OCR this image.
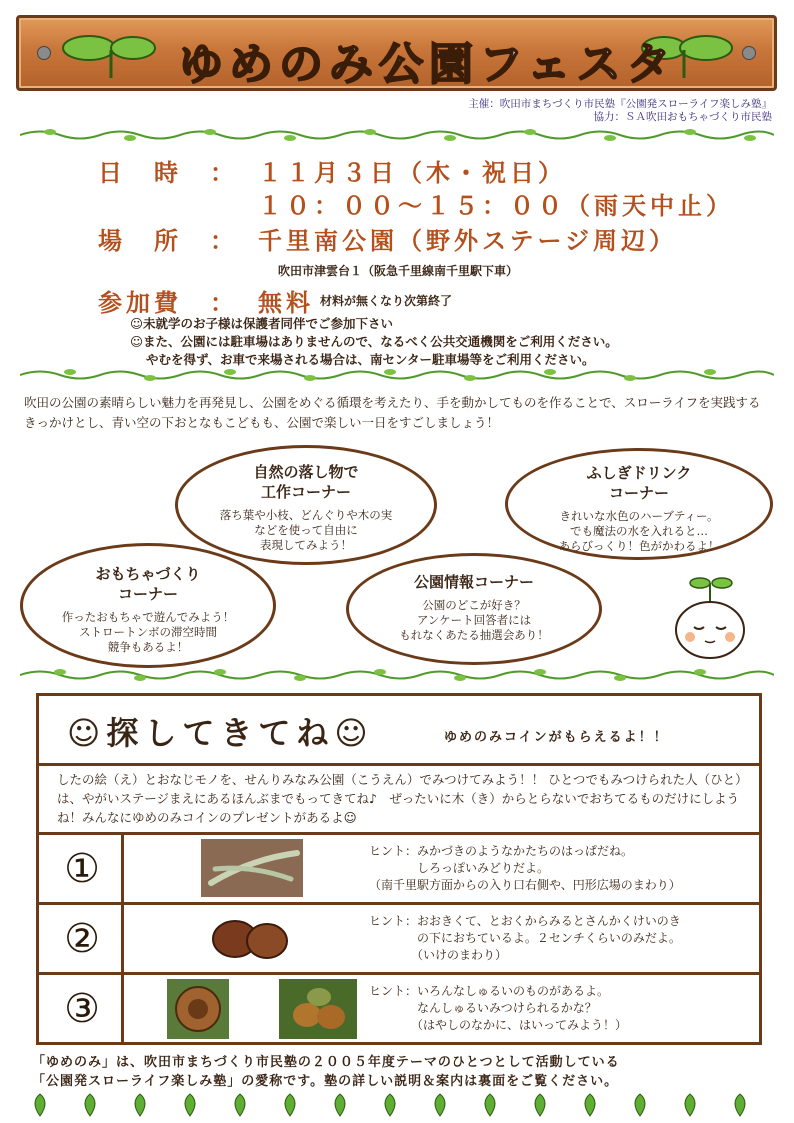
ゆめのみ公園フェスタ
主催：吹田市まちづくり市民塾『公園発スローライフ楽しみ塾』
協力：ＳＡ吹田おもちゃづくり市民塾
日　時　： １１月３日（木・祝日）
１０：００～１５：００（雨天中止）
場　所　： 千里南公園（野外ステージ周辺）
吹田市津雲台１（阪急千里線南千里駅下車）
参加費　： 無料 材料が無くなり次第終了
☺未就学のお子様は保護者同伴でご参加下さい
☺また、公園には駐車場はありませんので、なるべく公共交通機関をご利用ください。
やむを得ず、お車で来場される場合は、南センター駐車場等をご利用ください。
吹田の公園の素晴らしい魅力を再発見し、公園をめぐる循環を考えたり、手を動かしてものを作ることで、スローライフを実践するきっかけとし、青い空の下おとなもこどもも、公園で楽しい一日をすごしましょう！
自然の落し物で
工作コーナー
落ち葉や小枝、どんぐりや木の実
などを使って自由に
表現してみよう！
ふしぎドリンク
コーナー
きれいな水色のハーブティー。
でも魔法の水を入れると…
あらびっくり！色がかわるよ！
おもちゃづくり
コーナー
作ったおもちゃで遊んでみよう！
ストロートンボの滞空時間
競争もあるよ！
公園情報コーナー
公園のどこが好き？
アンケート回答者には
もれなくあたる抽選会あり！
☺探してきてね☺	ゆめのみコインがもらえるよ！！
したの絵（え）とおなじモノを、せんりみなみ公園（こうえん）でみつけてみよう！！ ひとつでもみつけられた人（ひと）は、やがいステージまえにあるほんぶまでもってきてね♪　ぜったいに木（き）からとらないでおちてるものだけにしようね！みんなにゆめのみコインのプレゼントがあるよ☺
①	ヒント：みかづきのようなかたちのはっぱだね。
　　　　しろっぽいみどりだよ。
（南千里駅方面からの入り口右側や、円形広場のまわり）
②	ヒント：おおきくて、とおくからみるとさんかくけいのき
　　　　の下におちているよ。２センチくらいのみだよ。
　　　　（いけのまわり）
③	ヒント：いろんなしゅるいのものがあるよ。
　　　　なんしゅるいみつけられるかな？
　　　　（はやしのなかに、はいってみよう！）
「ゆめのみ」は、吹田市まちづくり市民塾の２００５年度テーマのひとつとして活動している
「公園発スローライフ楽しみ塾」の愛称です。塾の詳しい説明＆案内は裏面をご覧ください。
